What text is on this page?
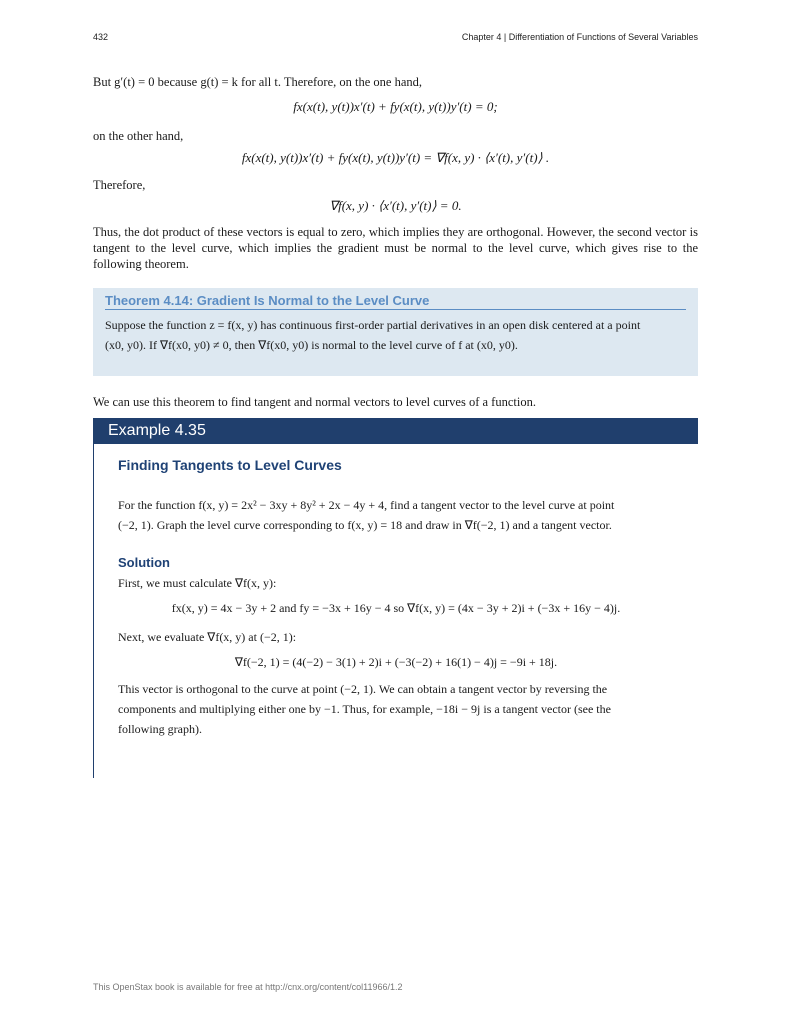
432	Chapter 4 | Differentiation of Functions of Several Variables
But g′(t) = 0 because g(t) = k for all t. Therefore, on the one hand,
fx(x(t), y(t))x′(t) + fy(x(t), y(t))y′(t) = 0;
on the other hand,
fx(x(t), y(t))x′(t) + fy(x(t), y(t))y′(t) = ∇f(x, y) · ⟨x′(t), y′(t)⟩ .
Therefore,
∇f(x, y) · ⟨x′(t), y′(t)⟩ = 0.
Thus, the dot product of these vectors is equal to zero, which implies they are orthogonal. However, the second vector is tangent to the level curve, which implies the gradient must be normal to the level curve, which gives rise to the following theorem.
Theorem 4.14: Gradient Is Normal to the Level Curve
Suppose the function z = f(x, y) has continuous first-order partial derivatives in an open disk centered at a point
(x0, y0). If ∇f(x0, y0) ≠ 0, then ∇f(x0, y0) is normal to the level curve of f at (x0, y0).
We can use this theorem to find tangent and normal vectors to level curves of a function.
Example 4.35
Finding Tangents to Level Curves
For the function f(x, y) = 2x² − 3xy + 8y² + 2x − 4y + 4, find a tangent vector to the level curve at point
(−2, 1). Graph the level curve corresponding to f(x, y) = 18 and draw in ∇f(−2, 1) and a tangent vector.
Solution
First, we must calculate ∇f(x, y):
fx(x, y) = 4x − 3y + 2 and fy = −3x + 16y − 4 so ∇f(x, y) = (4x − 3y + 2)i + (−3x + 16y − 4)j.
Next, we evaluate ∇f(x, y) at (−2, 1):
∇f(−2, 1) = (4(−2) − 3(1) + 2)i + (−3(−2) + 16(1) − 4)j = −9i + 18j.
This vector is orthogonal to the curve at point (−2, 1). We can obtain a tangent vector by reversing the
components and multiplying either one by −1. Thus, for example, −18i − 9j is a tangent vector (see the
following graph).
This OpenStax book is available for free at http://cnx.org/content/col11966/1.2
